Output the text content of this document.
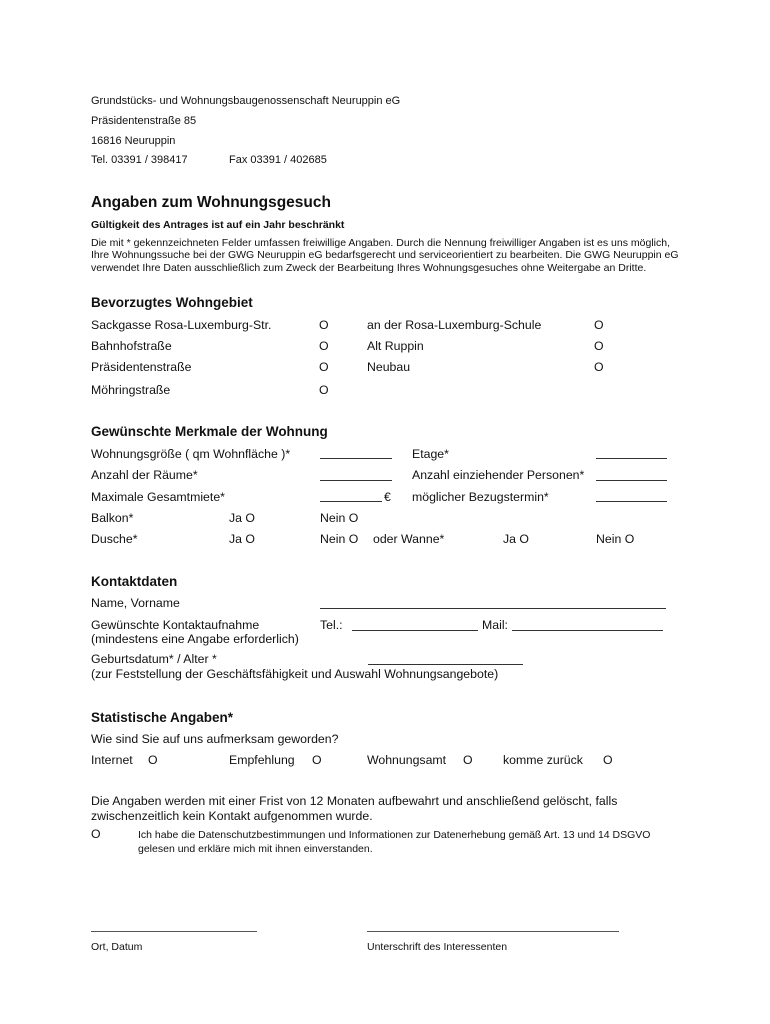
Grundstücks- und Wohnungsbaugenossenschaft Neuruppin eG
Präsidentenstraße 85
16816 Neuruppin
Tel. 03391 / 398417	Fax 03391 / 402685
Angaben zum Wohnungsgesuch
Gültigkeit des Antrages ist auf ein Jahr beschränkt
Die mit * gekennzeichneten Felder umfassen freiwillige Angaben. Durch die Nennung freiwilliger Angaben ist es uns möglich, Ihre Wohnungssuche bei der GWG Neuruppin eG bedarfsgerecht und serviceorientiert zu bearbeiten. Die GWG Neuruppin eG verwendet Ihre Daten ausschließlich zum Zweck der Bearbeitung Ihres Wohnungsgesuches ohne Weitergabe an Dritte.
Bevorzugtes Wohngebiet
Sackgasse Rosa-Luxemburg-Str.	O	an der Rosa-Luxemburg-Schule	O
Bahnhofstraße	O	Alt Ruppin	O
Präsidentenstraße	O	Neubau	O
Möhringstraße	O
Gewünschte Merkmale der Wohnung
Wohnungsgröße ( qm Wohnfläche )*	Etage*
Anzahl der Räume*	Anzahl einziehender Personen*
Maximale Gesamtmiete*	€ möglicher Bezugstermin*
Balkon*	Ja O	Nein O
Dusche*	Ja O	Nein O oder Wanne*	Ja O	Nein O
Kontaktdaten
Name, Vorname
Gewünschte Kontaktaufnahme
(mindestens eine Angabe erforderlich)
Tel.:	Mail:
Geburtsdatum* / Alter *
(zur Feststellung der Geschäftsfähigkeit und Auswahl Wohnungsangebote)
Statistische Angaben*
Wie sind Sie auf uns aufmerksam geworden?
Internet O	Empfehlung O	Wohnungsamt O komme zurück O
Die Angaben werden mit einer Frist von 12 Monaten aufbewahrt und anschließend gelöscht, falls zwischenzeitlich kein Kontakt aufgenommen wurde.
O	Ich habe die Datenschutzbestimmungen und Informationen zur Datenerhebung gemäß Art. 13 und 14 DSGVO gelesen und erkläre mich mit ihnen einverstanden.
Ort, Datum	Unterschrift des Interessenten
